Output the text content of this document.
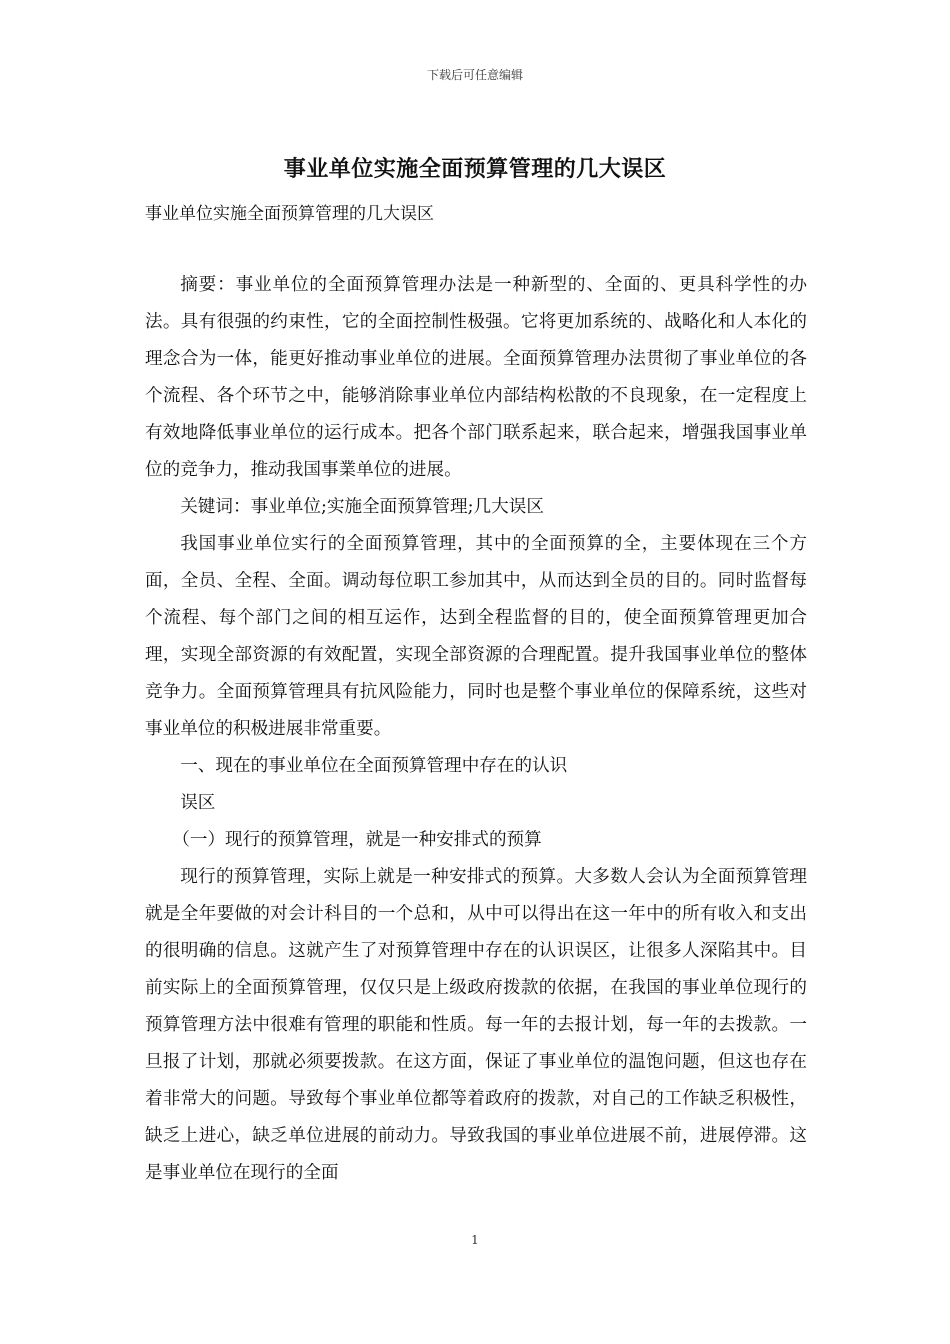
下载后可任意编辑
事业单位实施全面预算管理的几大误区
事业单位实施全面预算管理的几大误区

摘要：事业单位的全面预算管理办法是一种新型的、全面的、更具科学性的办法。具有很强的约束性，它的全面控制性极强。它将更加系统的、战略化和人本化的理念合为一体，能更好推动事业单位的进展。全面预算管理办法贯彻了事业单位的各个流程、各个环节之中，能够消除事业单位内部结构松散的不良现象，在一定程度上有效地降低事业单位的运行成本。把各个部门联系起来，联合起来，增强我国事业单位的竞争力，推动我国事業单位的进展。

关键词：事业单位;实施全面预算管理;几大误区

我国事业单位实行的全面预算管理，其中的全面预算的全，主要体现在三个方面，全员、全程、全面。调动每位职工参加其中，从而达到全员的目的。同时监督每个流程、每个部门之间的相互运作，达到全程监督的目的，使全面预算管理更加合理，实现全部资源的有效配置，实现全部资源的合理配置。提升我国事业单位的整体竞争力。全面预算管理具有抗风险能力，同时也是整个事业单位的保障系统，这些对事业单位的积极进展非常重要。

一、现在的事业单位在全面预算管理中存在的认识

误区

（一）现行的预算管理，就是一种安排式的预算

现行的预算管理，实际上就是一种安排式的预算。大多数人会认为全面预算管理就是全年要做的对会计科目的一个总和，从中可以得出在这一年中的所有收入和支出的很明确的信息。这就产生了对预算管理中存在的认识误区，让很多人深陷其中。目前实际上的全面预算管理，仅仅只是上级政府拨款的依据，在我国的事业单位现行的预算管理方法中很难有管理的职能和性质。每一年的去报计划，每一年的去拨款。一旦报了计划，那就必须要拨款。在这方面，保证了事业单位的温饱问题，但这也存在着非常大的问题。导致每个事业单位都等着政府的拨款，对自己的工作缺乏积极性，缺乏上进心，缺乏单位进展的前动力。导致我国的事业单位进展不前，进展停滞。这是事业单位在现行的全面

1
